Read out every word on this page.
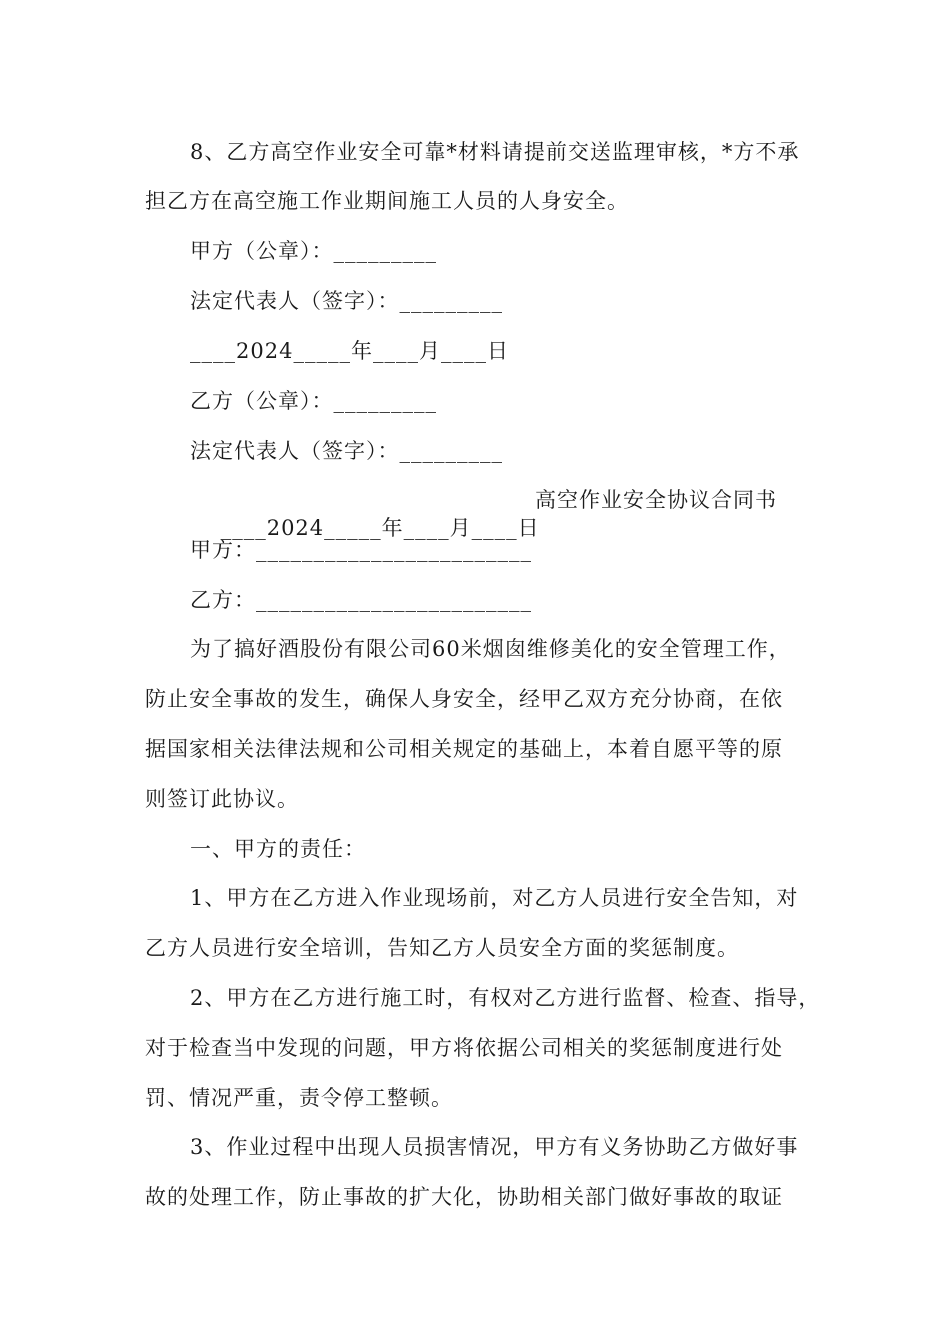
8、乙方高空作业安全可靠*材料请提前交送监理审核，*方不承
担乙方在高空施工作业期间施工人员的人身安全。
甲方（公章）：_________
法定代表人（签字）：_________
____2024_____年____月____日
乙方（公章）：_________
法定代表人（签字）：_________

____2024_____年____月____日

高空作业安全协议合同书

甲方：________________________
乙方：________________________
为了搞好酒股份有限公司60米烟囱维修美化的安全管理工作，
防止安全事故的发生，确保人身安全，经甲乙双方充分协商，在依
据国家相关法律法规和公司相关规定的基础上，本着自愿平等的原
则签订此协议。
一、甲方的责任：
1、甲方在乙方进入作业现场前，对乙方人员进行安全告知，对
乙方人员进行安全培训，告知乙方人员安全方面的奖惩制度。
2、甲方在乙方进行施工时，有权对乙方进行监督、检查、指导，
对于检查当中发现的问题，甲方将依据公司相关的奖惩制度进行处
罚、情况严重，责令停工整顿。
3、作业过程中出现人员损害情况，甲方有义务协助乙方做好事
故的处理工作，防止事故的扩大化，协助相关部门做好事故的取证
